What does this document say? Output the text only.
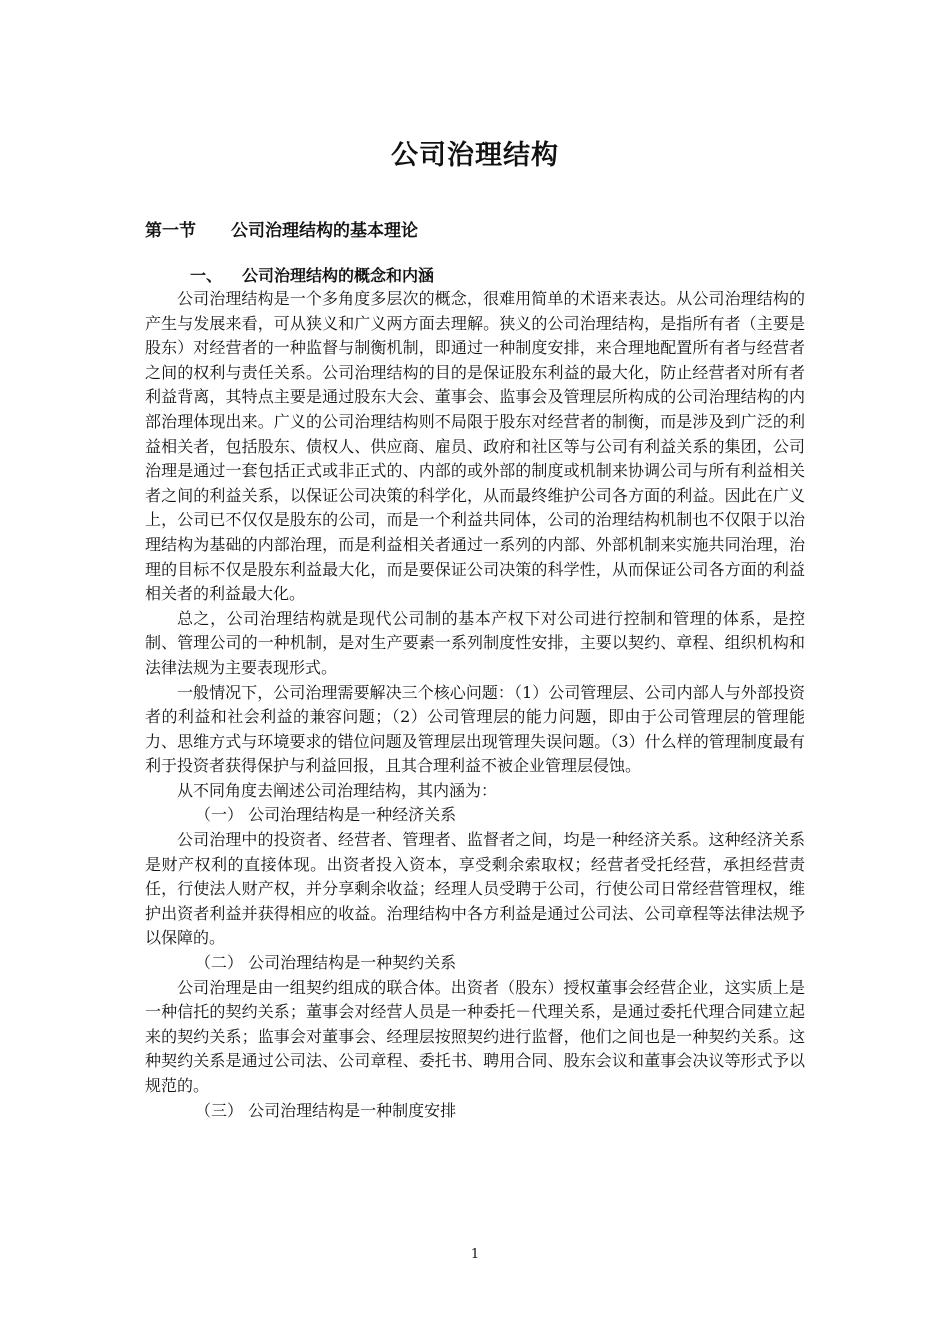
公司治理结构
第一节 公司治理结构的基本理论
一、 公司治理结构的概念和内涵

公司治理结构是一个多角度多层次的概念，很难用简单的术语来表达。从公司治理结构的产生与发展来看，可从狭义和广义两方面去理解。狭义的公司治理结构，是指所有者（主要是股东）对经营者的一种监督与制衡机制，即通过一种制度安排，来合理地配置所有者与经营者之间的权利与责任关系。公司治理结构的目的是保证股东利益的最大化，防止经营者对所有者利益背离，其特点主要是通过股东大会、董事会、监事会及管理层所构成的公司治理结构的内部治理体现出来。广义的公司治理结构则不局限于股东对经营者的制衡，而是涉及到广泛的利益相关者，包括股东、债权人、供应商、雇员、政府和社区等与公司有利益关系的集团，公司治理是通过一套包括正式或非正式的、内部的或外部的制度或机制来协调公司与所有利益相关者之间的利益关系，以保证公司决策的科学化，从而最终维护公司各方面的利益。因此在广义上，公司已不仅仅是股东的公司，而是一个利益共同体，公司的治理结构机制也不仅限于以治理结构为基础的内部治理，而是利益相关者通过一系列的内部、外部机制来实施共同治理，治理的目标不仅是股东利益最大化，而是要保证公司决策的科学性，从而保证公司各方面的利益相关者的利益最大化。

总之，公司治理结构就是现代公司制的基本产权下对公司进行控制和管理的体系，是控制、管理公司的一种机制，是对生产要素一系列制度性安排，主要以契约、章程、组织机构和法律法规为主要表现形式。

一般情况下，公司治理需要解决三个核心问题：（1）公司管理层、公司内部人与外部投资者的利益和社会利益的兼容问题；（2）公司管理层的能力问题，即由于公司管理层的管理能力、思维方式与环境要求的错位问题及管理层出现管理失误问题。（3）什么样的管理制度最有利于投资者获得保护与利益回报，且其合理利益不被企业管理层侵蚀。

从不同角度去阐述公司治理结构，其内涵为：

（一） 公司治理结构是一种经济关系

公司治理中的投资者、经营者、管理者、监督者之间，均是一种经济关系。这种经济关系是财产权利的直接体现。出资者投入资本，享受剩余索取权；经营者受托经营，承担经营责任，行使法人财产权，并分享剩余收益；经理人员受聘于公司，行使公司日常经营管理权，维护出资者利益并获得相应的收益。治理结构中各方利益是通过公司法、公司章程等法律法规予以保障的。

（二） 公司治理结构是一种契约关系

公司治理是由一组契约组成的联合体。出资者（股东）授权董事会经营企业，这实质上是一种信托的契约关系；董事会对经营人员是一种委托－代理关系，是通过委托代理合同建立起来的契约关系；监事会对董事会、经理层按照契约进行监督，他们之间也是一种契约关系。这种契约关系是通过公司法、公司章程、委托书、聘用合同、股东会议和董事会决议等形式予以规范的。

（三） 公司治理结构是一种制度安排

1
